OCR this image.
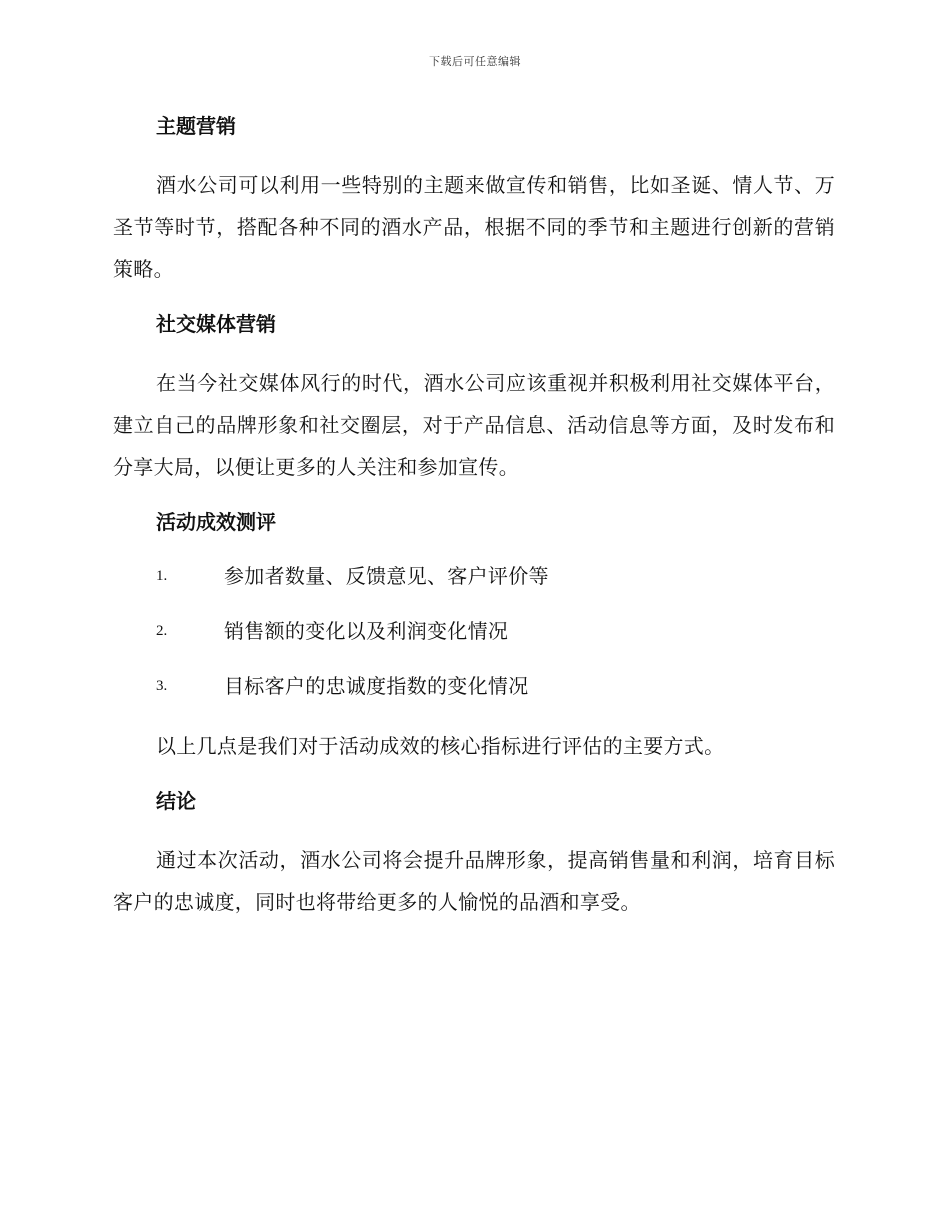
下载后可任意编辑
主题营销

酒水公司可以利用一些特别的主题来做宣传和销售，比如圣诞、情人节、万圣节等时节，搭配各种不同的酒水产品，根据不同的季节和主题进行创新的营销策略。

社交媒体营销

在当今社交媒体风行的时代，酒水公司应该重视并积极利用社交媒体平台，建立自己的品牌形象和社交圈层，对于产品信息、活动信息等方面，及时发布和分享大局，以便让更多的人关注和参加宣传。

活动成效测评
1.	参加者数量、反馈意见、客户评价等
2.	销售额的变化以及利润变化情况
3.	目标客户的忠诚度指数的变化情况

以上几点是我们对于活动成效的核心指标进行评估的主要方式。

结论

通过本次活动，酒水公司将会提升品牌形象，提高销售量和利润，培育目标客户的忠诚度，同时也将带给更多的人愉悦的品酒和享受。
